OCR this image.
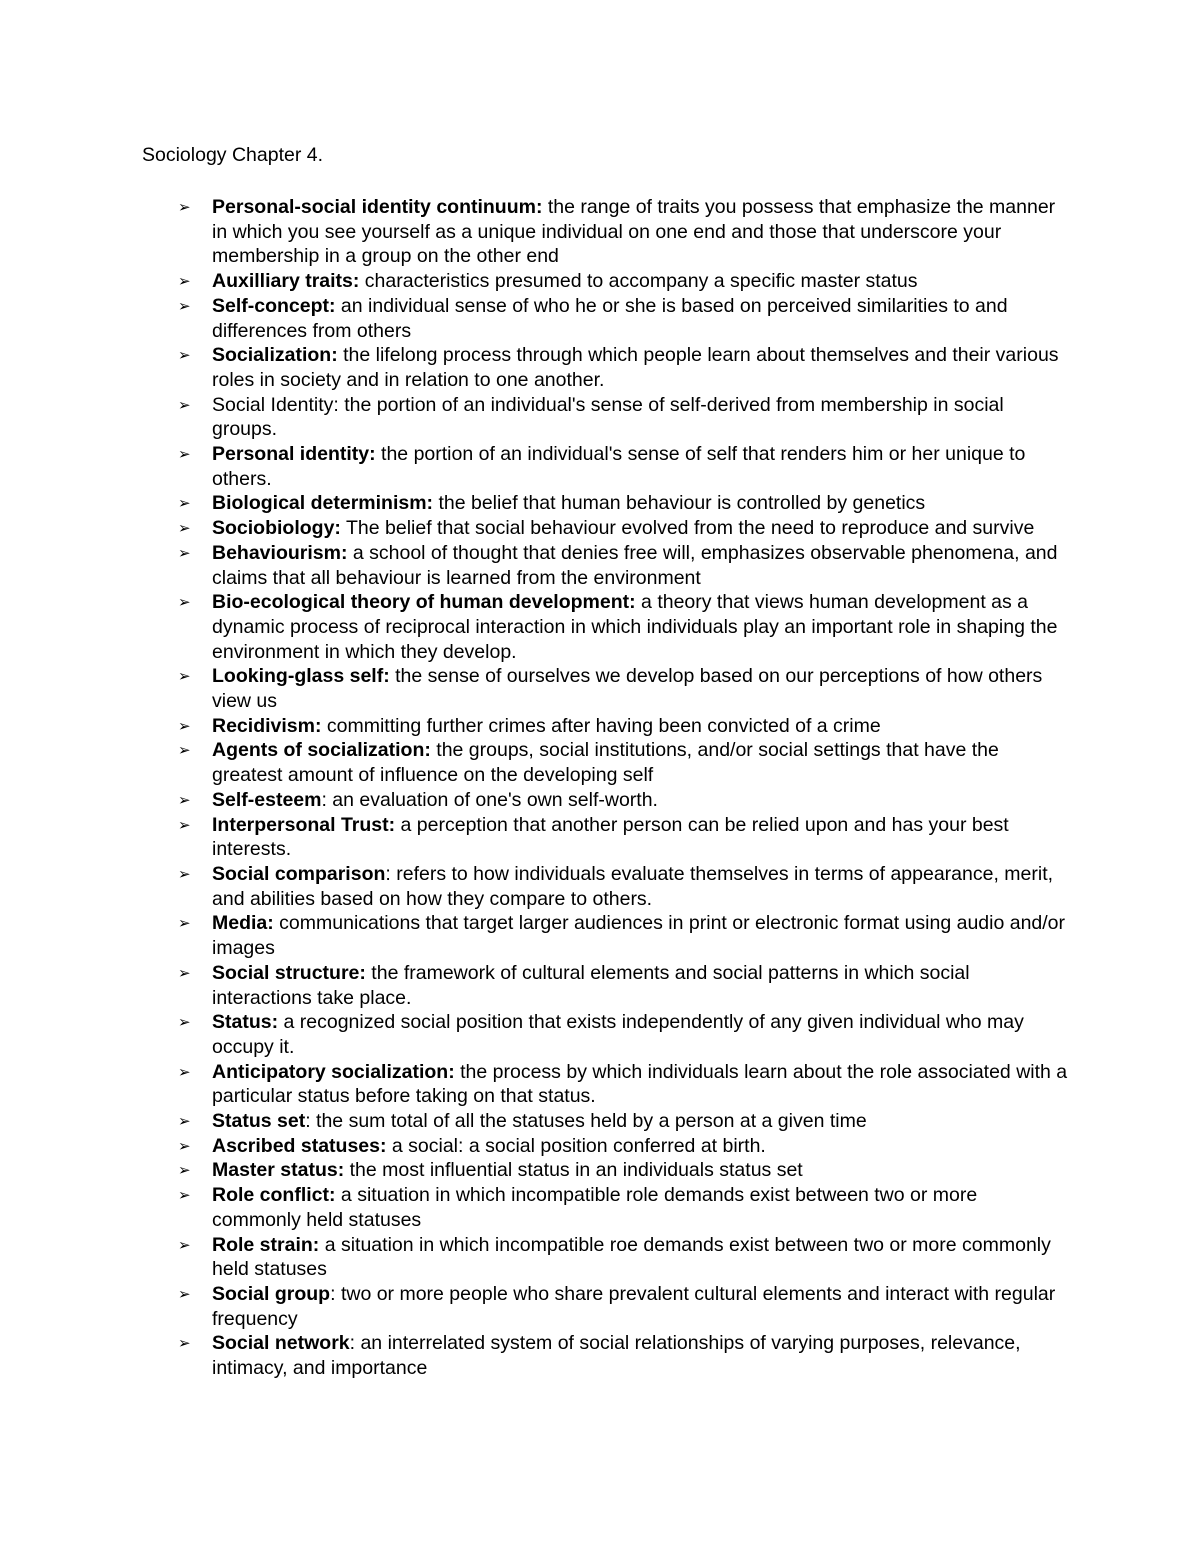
Sociology Chapter 4.
➢	Personal-social identity continuum: the range of traits you possess that emphasize the manner in which you see yourself as a unique individual on one end and those that underscore your membership in a group on the other end
➢	Auxilliary traits: characteristics presumed to accompany a specific master status
➢	Self-concept: an individual sense of who he or she is based on perceived similarities to and differences from others
➢	Socialization: the lifelong process through which people learn about themselves and their various roles in society and in relation to one another.
➢	Social Identity: the portion of an individual's sense of self-derived from membership in social groups.
➢	Personal identity: the portion of an individual's sense of self that renders him or her unique to others.
➢	Biological determinism: the belief that human behaviour is controlled by genetics
➢	Sociobiology: The belief that social behaviour evolved from the need to reproduce and survive
➢	Behaviourism: a school of thought that denies free will, emphasizes observable phenomena, and claims that all behaviour is learned from the environment
➢	Bio-ecological theory of human development: a theory that views human development as a dynamic process of reciprocal interaction in which individuals play an important role in shaping the environment in which they develop.
➢	Looking-glass self: the sense of ourselves we develop based on our perceptions of how others view us
➢	Recidivism: committing further crimes after having been convicted of a crime
➢	Agents of socialization: the groups, social institutions, and/or social settings that have the greatest amount of influence on the developing self
➢	Self-esteem: an evaluation of one's own self-worth.
➢	Interpersonal Trust: a perception that another person can be relied upon and has your best interests.
➢	Social comparison: refers to how individuals evaluate themselves in terms of appearance, merit, and abilities based on how they compare to others.
➢	Media: communications that target larger audiences in print or electronic format using audio and/or images
➢	Social structure: the framework of cultural elements and social patterns in which social interactions take place.
➢	Status: a recognized social position that exists independently of any given individual who may occupy it.
➢	Anticipatory socialization: the process by which individuals learn about the role associated with a particular status before taking on that status.
➢	Status set: the sum total of all the statuses held by a person at a given time
➢	Ascribed statuses: a social: a social position conferred at birth.
➢	Master status: the most influential status in an individuals status set
➢	Role conflict: a situation in which incompatible role demands exist between two or more commonly held statuses
➢	Role strain: a situation in which incompatible roe demands exist between two or more commonly held statuses
➢	Social group: two or more people who share prevalent cultural elements and interact with regular frequency
➢	Social network: an interrelated system of social relationships of varying purposes, relevance, intimacy, and importance
